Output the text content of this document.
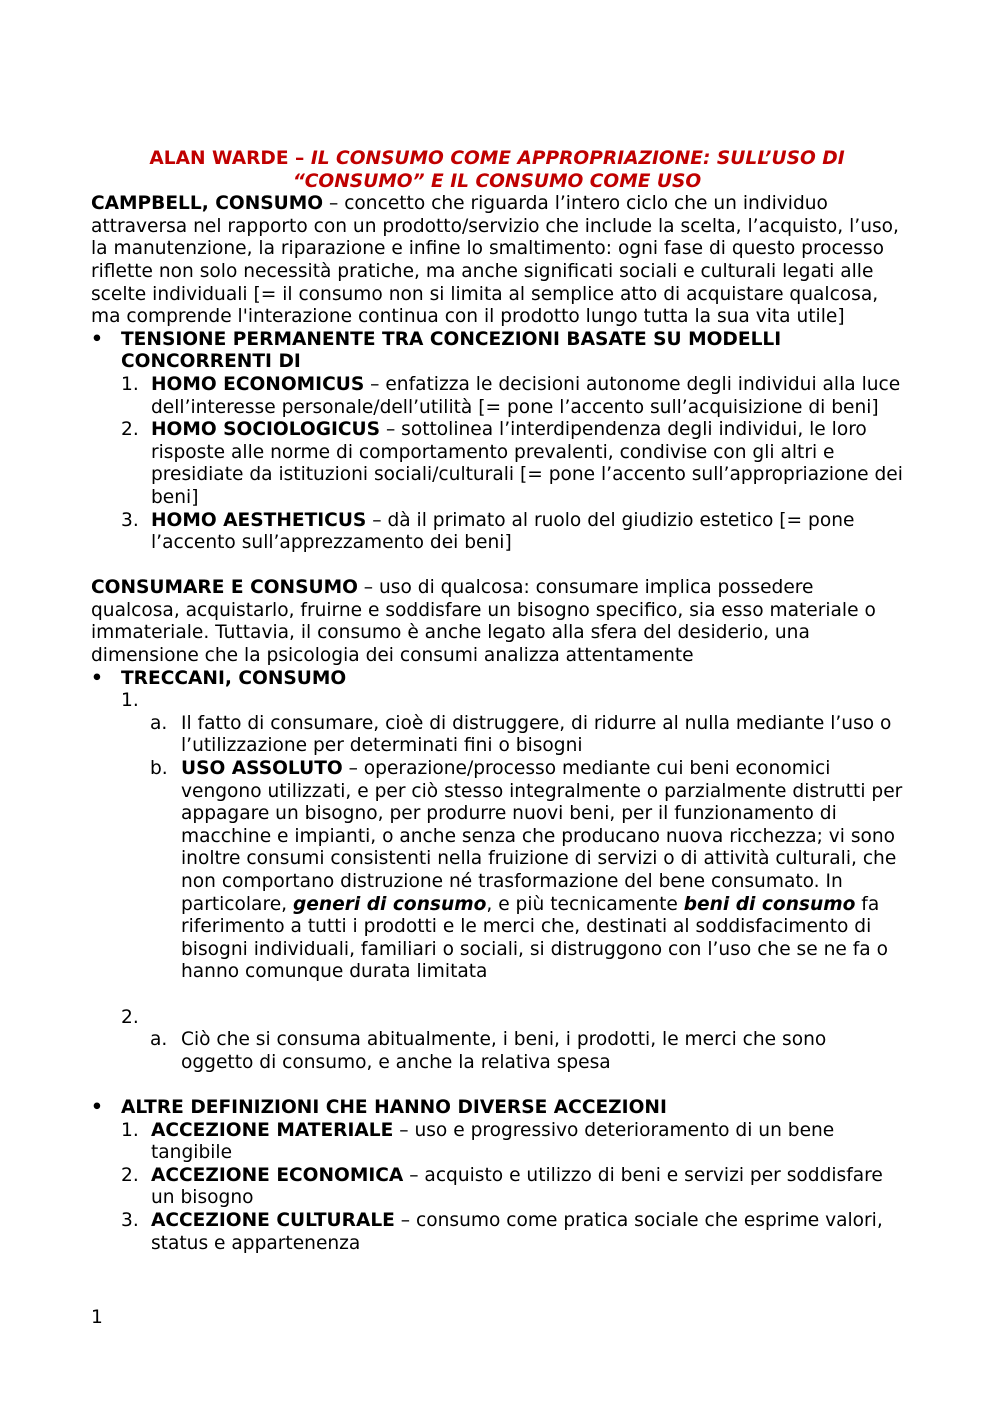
ALAN WARDE – IL CONSUMO COME APPROPRIAZIONE: SULL’USO DI
“CONSUMO” E IL CONSUMO COME USO

CAMPBELL, CONSUMO – concetto che riguarda l’intero ciclo che un individuo attraversa nel rapporto con un prodotto/servizio che include la scelta, l’acquisto, l’uso, la manutenzione, la riparazione e infine lo smaltimento: ogni fase di questo processo riflette non solo necessità pratiche, ma anche significati sociali e culturali legati alle scelte individuali [= il consumo non si limita al semplice atto di acquistare qualcosa, ma comprende l'interazione continua con il prodotto lungo tutta la sua vita utile]

• TENSIONE PERMANENTE TRA CONCEZIONI BASATE SU MODELLI CONCORRENTI DI
1. HOMO ECONOMICUS – enfatizza le decisioni autonome degli individui alla luce dell’interesse personale/dell’utilità [= pone l’accento sull’acquisizione di beni]
2. HOMO SOCIOLOGICUS – sottolinea l’interdipendenza degli individui, le loro risposte alle norme di comportamento prevalenti, condivise con gli altri e presidiate da istituzioni sociali/culturali [= pone l’accento sull’appropriazione dei beni]
3. HOMO AESTHETICUS – dà il primato al ruolo del giudizio estetico [= pone l’accento sull’apprezzamento dei beni]

CONSUMARE E CONSUMO – uso di qualcosa: consumare implica possedere qualcosa, acquistarlo, fruirne e soddisfare un bisogno specifico, sia esso materiale o immateriale. Tuttavia, il consumo è anche legato alla sfera del desiderio, una dimensione che la psicologia dei consumi analizza attentamente

• TRECCANI, CONSUMO
1.

a. Il fatto di consumare, cioè di distruggere, di ridurre al nulla mediante l’uso o l’utilizzazione per determinati fini o bisogni
b. USO ASSOLUTO – operazione/processo mediante cui beni economici vengono utilizzati, e per ciò stesso integralmente o parzialmente distrutti per appagare un bisogno, per produrre nuovi beni, per il funzionamento di macchine e impianti, o anche senza che producano nuova ricchezza; vi sono inoltre consumi consistenti nella fruizione di servizi o di attività culturali, che non comportano distruzione né trasformazione del bene consumato. In particolare, generi di consumo, e più tecnicamente beni di consumo fa riferimento a tutti i prodotti e le merci che, destinati al soddisfacimento di bisogni individuali, familiari o sociali, si distruggono con l’uso che se ne fa o hanno comunque durata limitata
2.

a. Ciò che si consuma abitualmente, i beni, i prodotti, le merci che sono oggetto di consumo, e anche la relativa spesa
• ALTRE DEFINIZIONI CHE HANNO DIVERSE ACCEZIONI
1. ACCEZIONE MATERIALE – uso e progressivo deterioramento di un bene tangibile
2. ACCEZIONE ECONOMICA – acquisto e utilizzo di beni e servizi per soddisfare un bisogno
3. ACCEZIONE CULTURALE – consumo come pratica sociale che esprime valori, status e appartenenza
1
